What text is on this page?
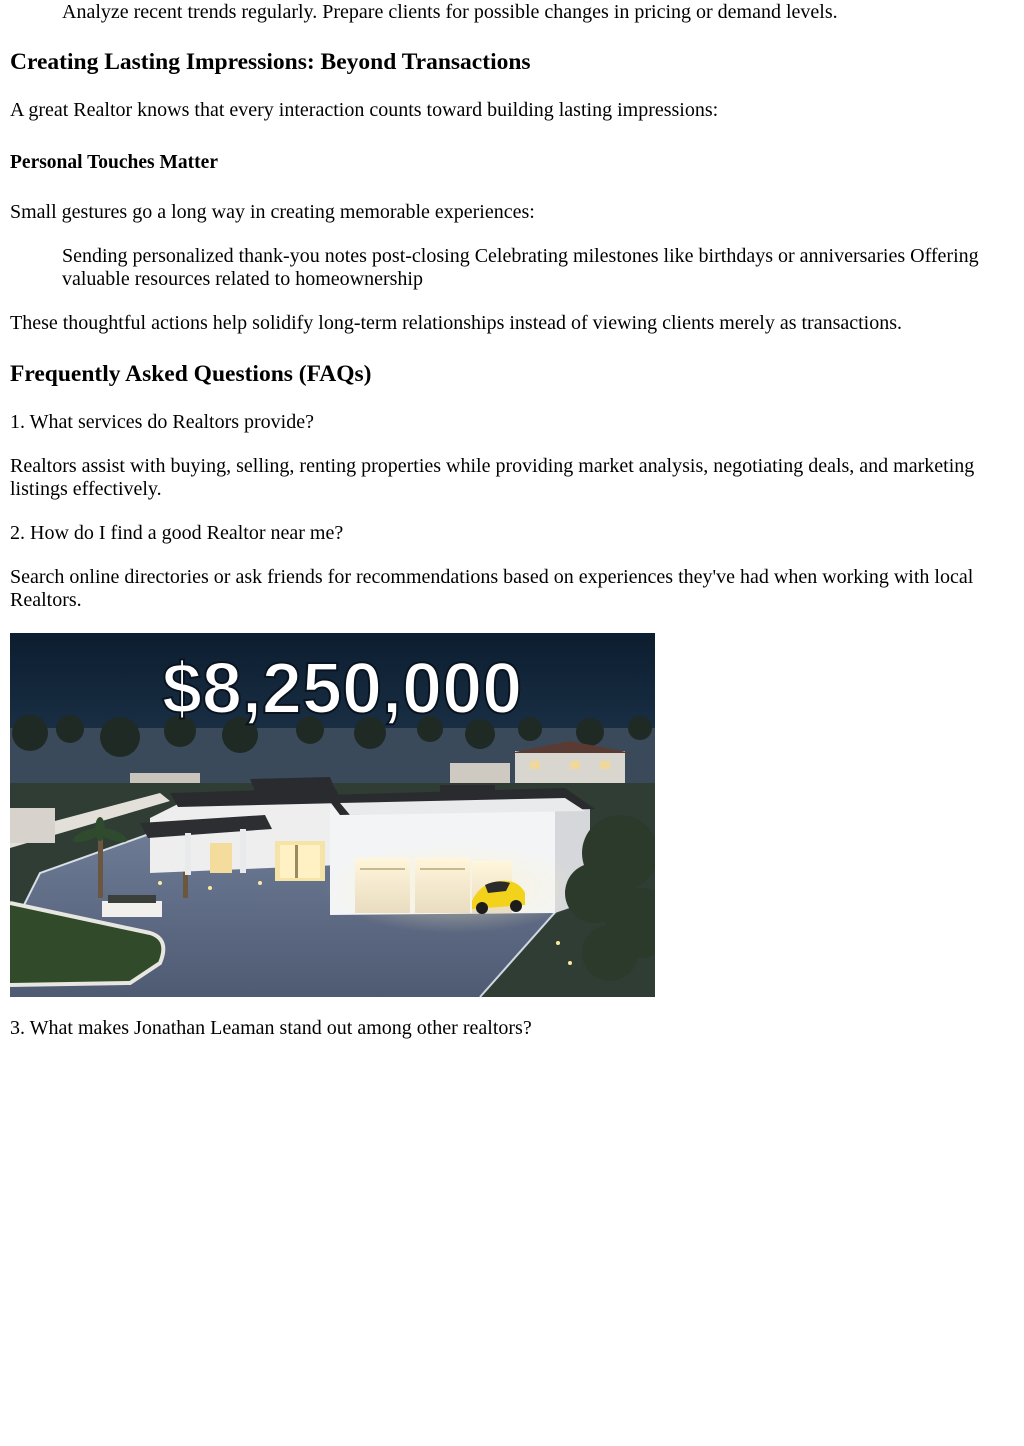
Analyze recent trends regularly. Prepare clients for possible changes in pricing or demand levels.

Creating Lasting Impressions: Beyond Transactions

A great Realtor knows that every interaction counts toward building lasting impressions:

Personal Touches Matter

Small gestures go a long way in creating memorable experiences:

Sending personalized thank-you notes post-closing Celebrating milestones like birthdays or anniversaries Offering valuable resources related to homeownership

These thoughtful actions help solidify long-term relationships instead of viewing clients merely as transactions.

Frequently Asked Questions (FAQs)

1. What services do Realtors provide?

Realtors assist with buying, selling, renting properties while providing market analysis, negotiating deals, and marketing listings effectively.

2. How do I find a good Realtor near me?

Search online directories or ask friends for recommendations based on experiences they've had when working with local Realtors.

$8,250,000

3. What makes Jonathan Leaman stand out among other realtors?
